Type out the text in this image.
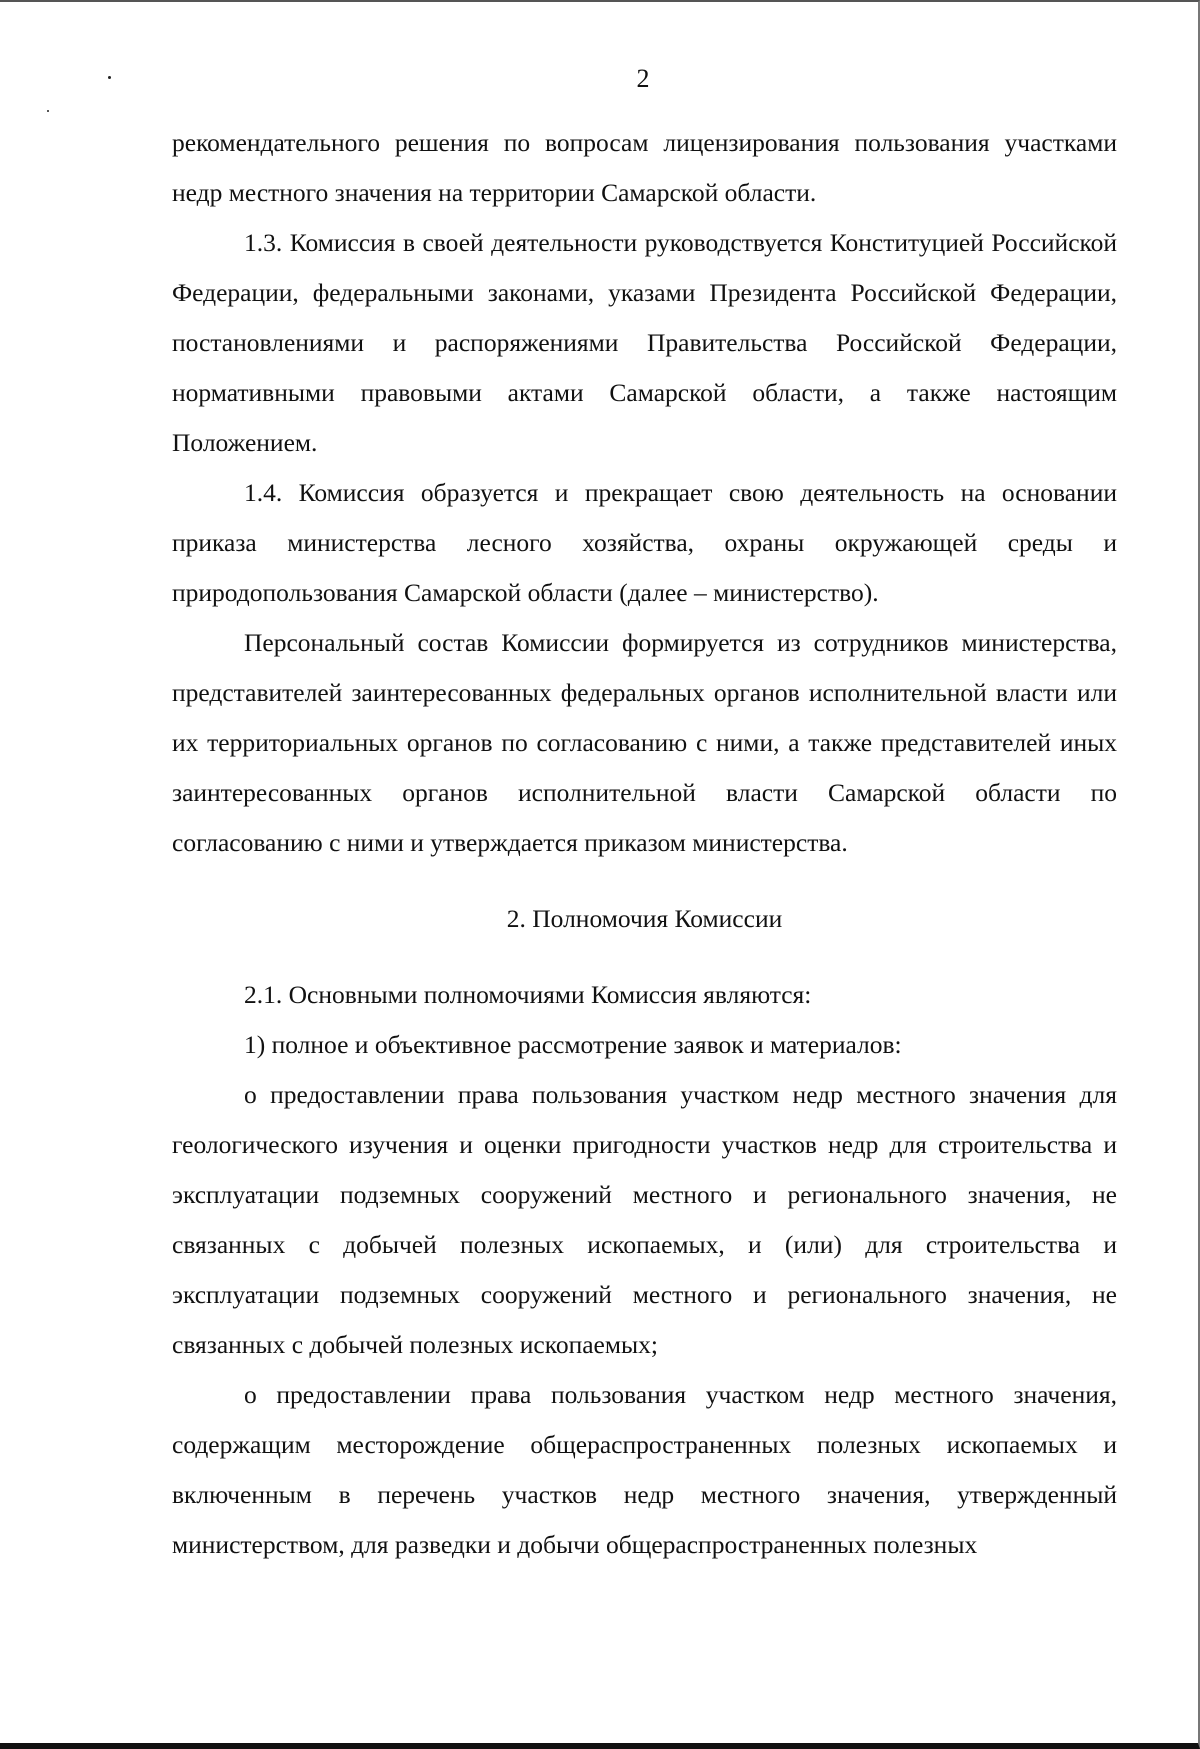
2

рекомендательного решения по вопросам лицензирования пользования участками недр местного значения на территории Самарской области.

1.3. Комиссия в своей деятельности руководствуется Конституцией Российской Федерации, федеральными законами, указами Президента Российской Федерации, постановлениями и распоряжениями Правительства Российской Федерации, нормативными правовыми актами Самарской области, а также настоящим Положением.

1.4. Комиссия образуется и прекращает свою деятельность на основании приказа министерства лесного хозяйства, охраны окружающей среды и природопользования Самарской области (далее – министерство).

Персональный состав Комиссии формируется из сотрудников министерства, представителей заинтересованных федеральных органов исполнительной власти или их территориальных органов по согласованию с ними, а также представителей иных заинтересованных органов исполнительной власти Самарской области по согласованию с ними и утверждается приказом министерства.

2. Полномочия Комиссии

2.1. Основными полномочиями Комиссия являются:

1) полное и объективное рассмотрение заявок и материалов:

о предоставлении права пользования участком недр местного значения для геологического изучения и оценки пригодности участков недр для строительства и эксплуатации подземных сооружений местного и регионального значения, не связанных с добычей полезных ископаемых, и (или) для строительства и эксплуатации подземных сооружений местного и регионального значения, не связанных с добычей полезных ископаемых;

о предоставлении права пользования участком недр местного значения, содержащим месторождение общераспространенных полезных ископаемых и включенным в перечень участков недр местного значения, утвержденный министерством, для разведки и добычи общераспространенных полезных
